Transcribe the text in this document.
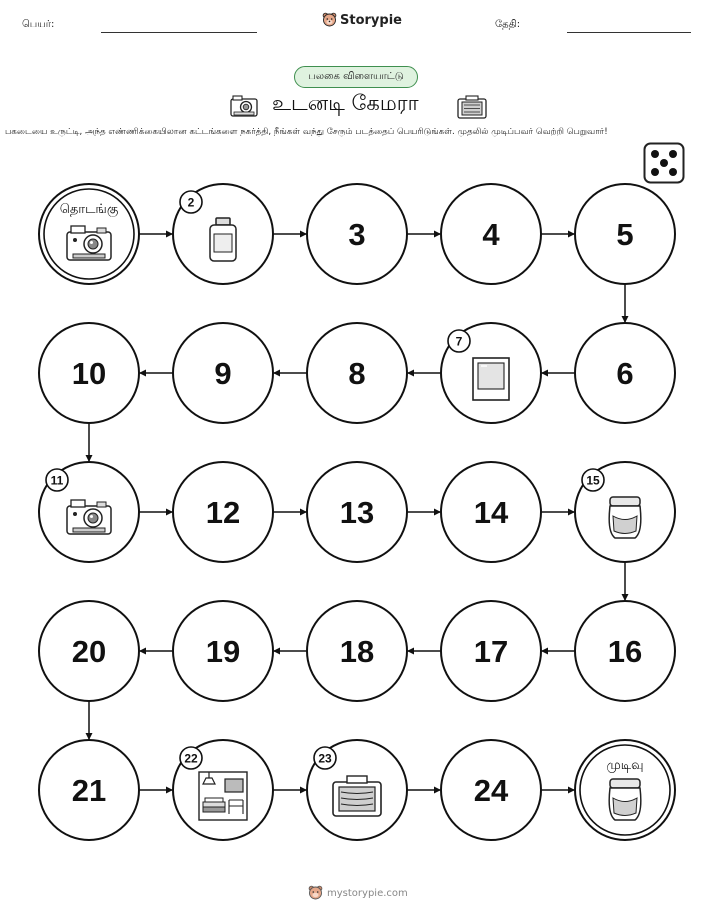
பெயர்:	Storypie	தேதி:
பலகை விளையாட்டு
உடனடி கேமரா
பகடையை உருட்டி, அந்த எண்ணிக்கையிலான கட்டங்களை நகர்த்தி, நீங்கள் வந்து சேரும் படத்தைப் பெயரிடுங்கள். முதலில் முடிப்பவர் வெற்றி பெறுவார்!
தொடங்கு	2
3	4	5
6
7
8
9
10
11
12	13	14
15
16
17
18
19
20
21
22	23
24
முடிவு
mystorypie.com
